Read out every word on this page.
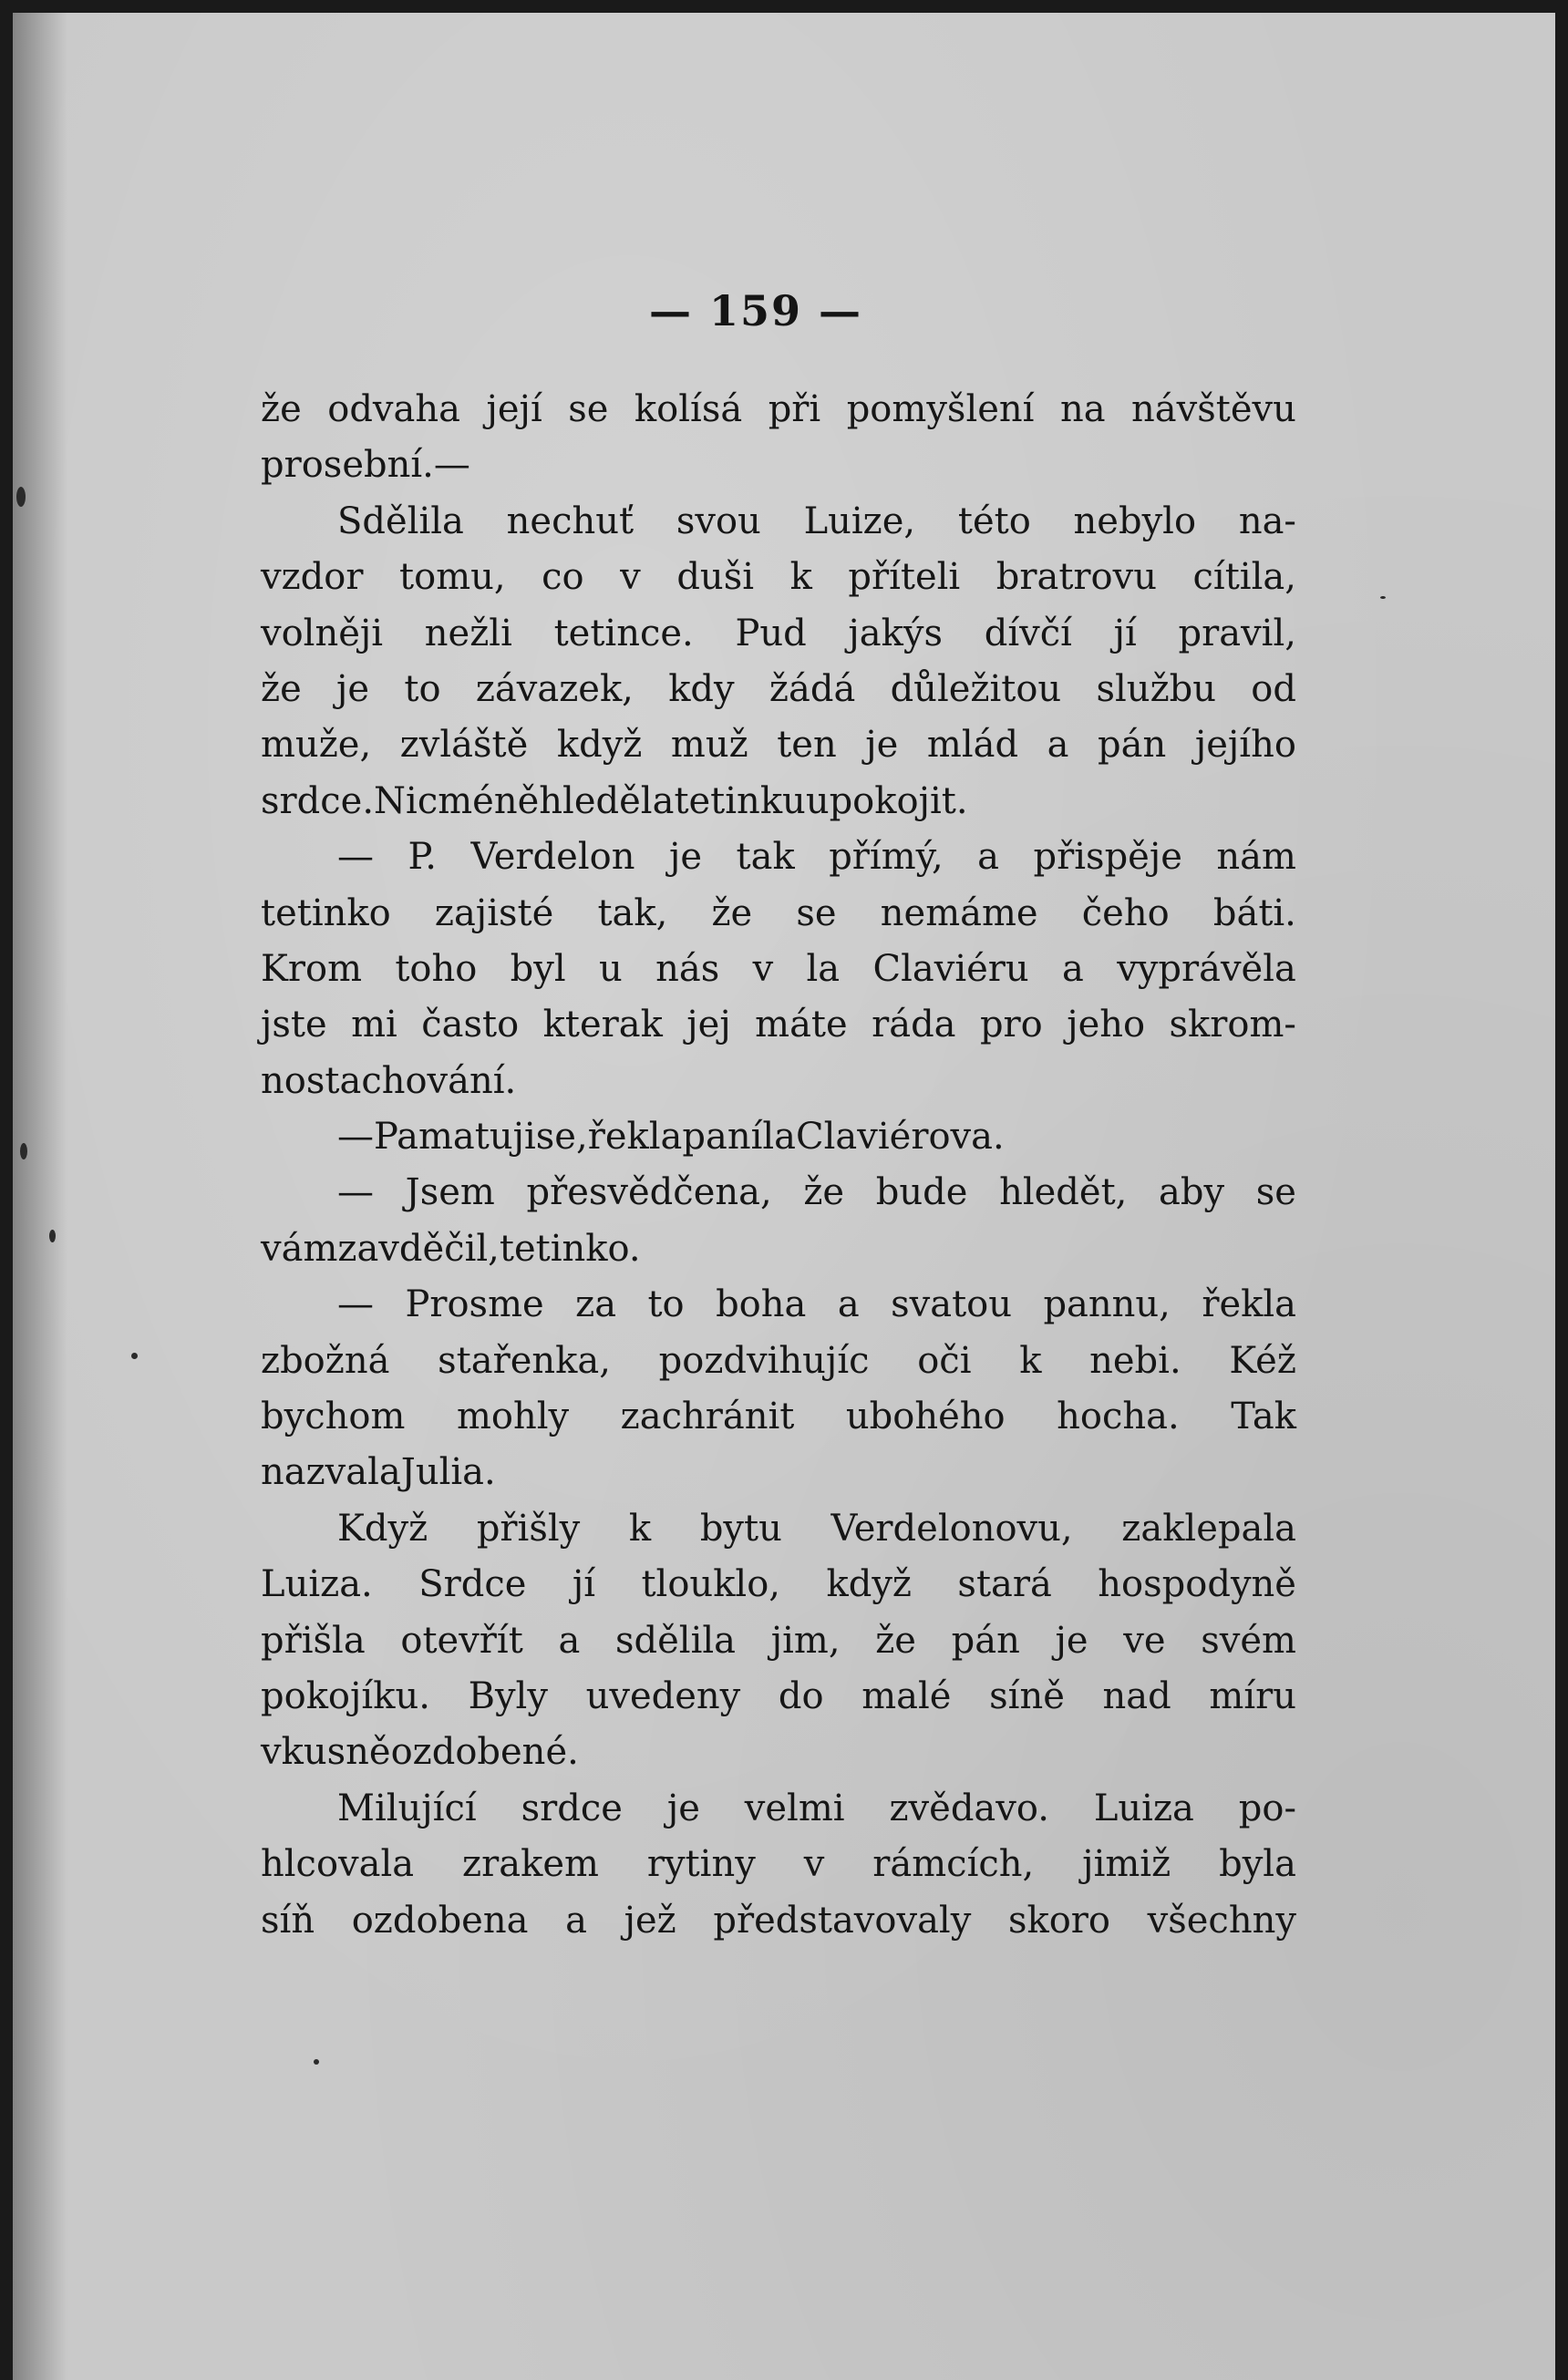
— 159 —
že odvaha její se kolísá při pomyšlení na návštěvu
prosební. —
Sdělila nechuť svou Luize, této nebylo na-
vzdor tomu, co v duši k příteli bratrovu cítila,
volněji nežli tetince. Pud jakýs dívčí jí pravil,
že je to závazek, kdy žádá důležitou službu od
muže, zvláště když muž ten je mlád a pán jejího
srdce. Nicméně hleděla tetinku upokojit.
— P. Verdelon je tak přímý, a přispěje nám
tetinko zajisté tak, že se nemáme čeho báti.
Krom toho byl u nás v la Claviéru a vyprávěla
jste mi často kterak jej máte ráda pro jeho skrom-
nost a chování.
— Pamatuji se, řekla paní la Claviérova.
— Jsem přesvědčena, že bude hledět, aby se
vám zavděčil, tetinko.
— Prosme za to boha a svatou pannu, řekla
zbožná stařenka, pozdvihujíc oči k nebi. Kéž
bychom mohly zachránit ubohého hocha. Tak
nazvala Julia.
Když přišly k bytu Verdelonovu, zaklepala
Luiza. Srdce jí tlouklo, když stará hospodyně
přišla otevřít a sdělila jim, že pán je ve svém
pokojíku. Byly uvedeny do malé síně nad míru
vkusně ozdobené.
Milující srdce je velmi zvědavo. Luiza po-
hlcovala zrakem rytiny v rámcích, jimiž byla
síň ozdobena a jež představovaly skoro všechny
